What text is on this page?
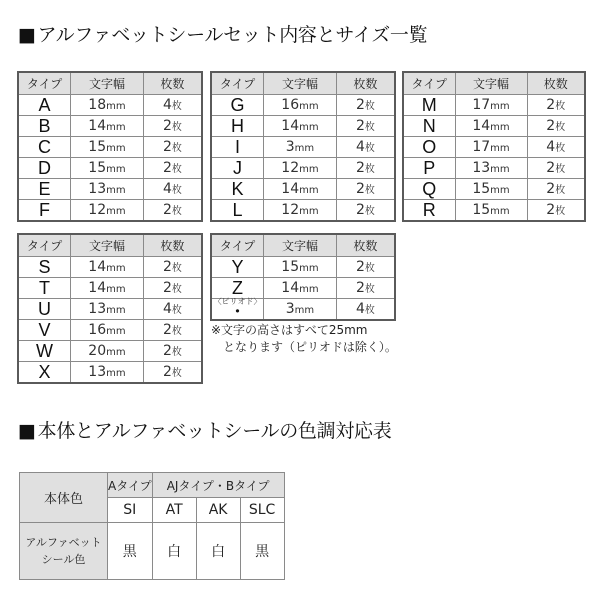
■ アルファベットシールセット内容とサイズ一覧
タイプ	文字幅	枚数
A	18mm	4枚
B	14mm	2枚
C	15mm	2枚
D	15mm	2枚
E	13mm	4枚
F	12mm	2枚
タイプ	文字幅	枚数
G	16mm	2枚
H	14mm	2枚
I	3mm	4枚
J	12mm	2枚
K	14mm	2枚
L	12mm	2枚
タイプ	文字幅	枚数
M	17mm	2枚
N	14mm	2枚
O	17mm	4枚
P	13mm	2枚
Q	15mm	2枚
R	15mm	2枚
タイプ	文字幅	枚数
S	14mm	2枚
T	14mm	2枚
U	13mm	4枚
V	16mm	2枚
W	20mm	2枚
X	13mm	2枚
タイプ	文字幅	枚数
Y	15mm	2枚
Z	14mm	2枚

〈ピリオド〉
・	3mm	4枚
※文字の高さはすべて25mm
となります（ピリオドは除く）。
■ 本体とアルファベットシールの色調対応表
本体色	Aタイプ	AJタイプ・Bタイプ		
	SI	AT	AK	SLC

アルファベット
シール色	黒	白	白	黒
